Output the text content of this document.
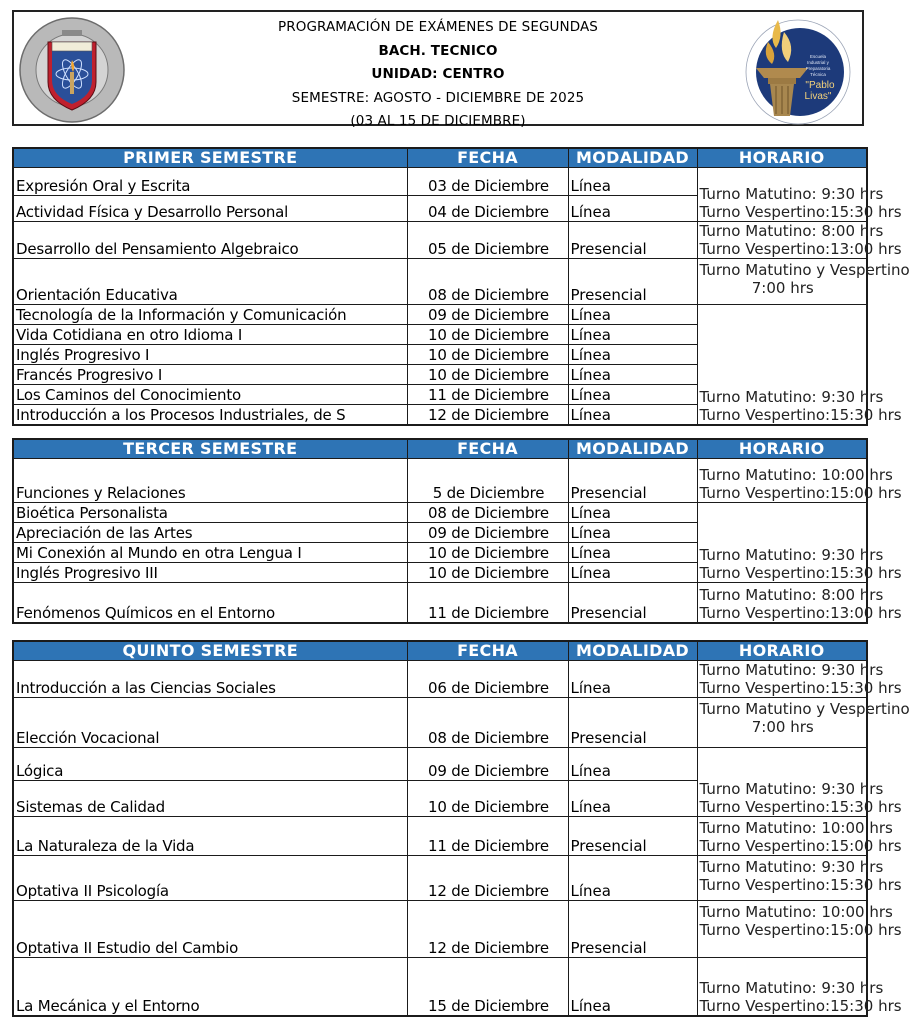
PROGRAMACIÓN DE EXÁMENES DE SEGUNDAS
BACH. TECNICO
UNIDAD: CENTRO
SEMESTRE: AGOSTO - DICIEMBRE DE 2025
(03 AL 15 DE DICIEMBRE)
Escuela
Industrial y
Preparatoria
Técnica
"Pablo
Livas"
PRIMER SEMESTRE	FECHA	MODALIDAD	HORARIO
Expresión Oral y Escrita	03 de Diciembre	Línea	Turno Matutino: 9:30 hrs
Turno Vespertino:15:30 hrs

Actividad Física y Desarrollo Personal	04 de Diciembre	Línea	
Desarrollo del Pensamiento Algebraico	05 de Diciembre	Presencial	Turno Matutino: 8:00 hrs
Turno Vespertino:13:00 hrs

Orientación Educativa	08 de Diciembre	Presencial	Turno Matutino y Vespertino
7:00 hrs

Tecnología de la Información y Comunicación	09 de Diciembre	Línea	Turno Matutino: 9:30 hrs
Turno Vespertino:15:30 hrs

Vida Cotidiana en otro Idioma I	10 de Diciembre	Línea	
Inglés Progresivo I	10 de Diciembre	Línea	
Francés Progresivo I	10 de Diciembre	Línea	
Los Caminos del Conocimiento	11 de Diciembre	Línea	
Introducción a los Procesos Industriales, de S	12 de Diciembre	Línea	
TERCER SEMESTRE	FECHA	MODALIDAD	HORARIO
Funciones y Relaciones	5 de Diciembre	Presencial	Turno Matutino: 10:00 hrs
Turno Vespertino:15:00 hrs

Bioética Personalista	08 de Diciembre	Línea	Turno Matutino: 9:30 hrs
Turno Vespertino:15:30 hrs

Apreciación de las Artes	09 de Diciembre	Línea	
Mi Conexión al Mundo en otra Lengua I	10 de Diciembre	Línea	
Inglés Progresivo III	10 de Diciembre	Línea	
Fenómenos Químicos en el Entorno	11 de Diciembre	Presencial	Turno Matutino: 8:00 hrs
Turno Vespertino:13:00 hrs
QUINTO SEMESTRE	FECHA	MODALIDAD	HORARIO
Introducción a las Ciencias Sociales	06 de Diciembre	Línea	Turno Matutino: 9:30 hrs
Turno Vespertino:15:30 hrs

Elección Vocacional	08 de Diciembre	Presencial	Turno Matutino y Vespertino
7:00 hrs

Lógica	09 de Diciembre	Línea	Turno Matutino: 9:30 hrs
Turno Vespertino:15:30 hrs

Sistemas de Calidad	10 de Diciembre	Línea	
La Naturaleza de la Vida	11 de Diciembre	Presencial	Turno Matutino: 10:00 hrs
Turno Vespertino:15:00 hrs

Optativa II Psicología	12 de Diciembre	Línea	Turno Matutino: 9:30 hrs
Turno Vespertino:15:30 hrs

Optativa II Estudio del Cambio	12 de Diciembre	Presencial	Turno Matutino: 10:00 hrs
Turno Vespertino:15:00 hrs

La Mecánica y el Entorno	15 de Diciembre	Línea	Turno Matutino: 9:30 hrs
Turno Vespertino:15:30 hrs
